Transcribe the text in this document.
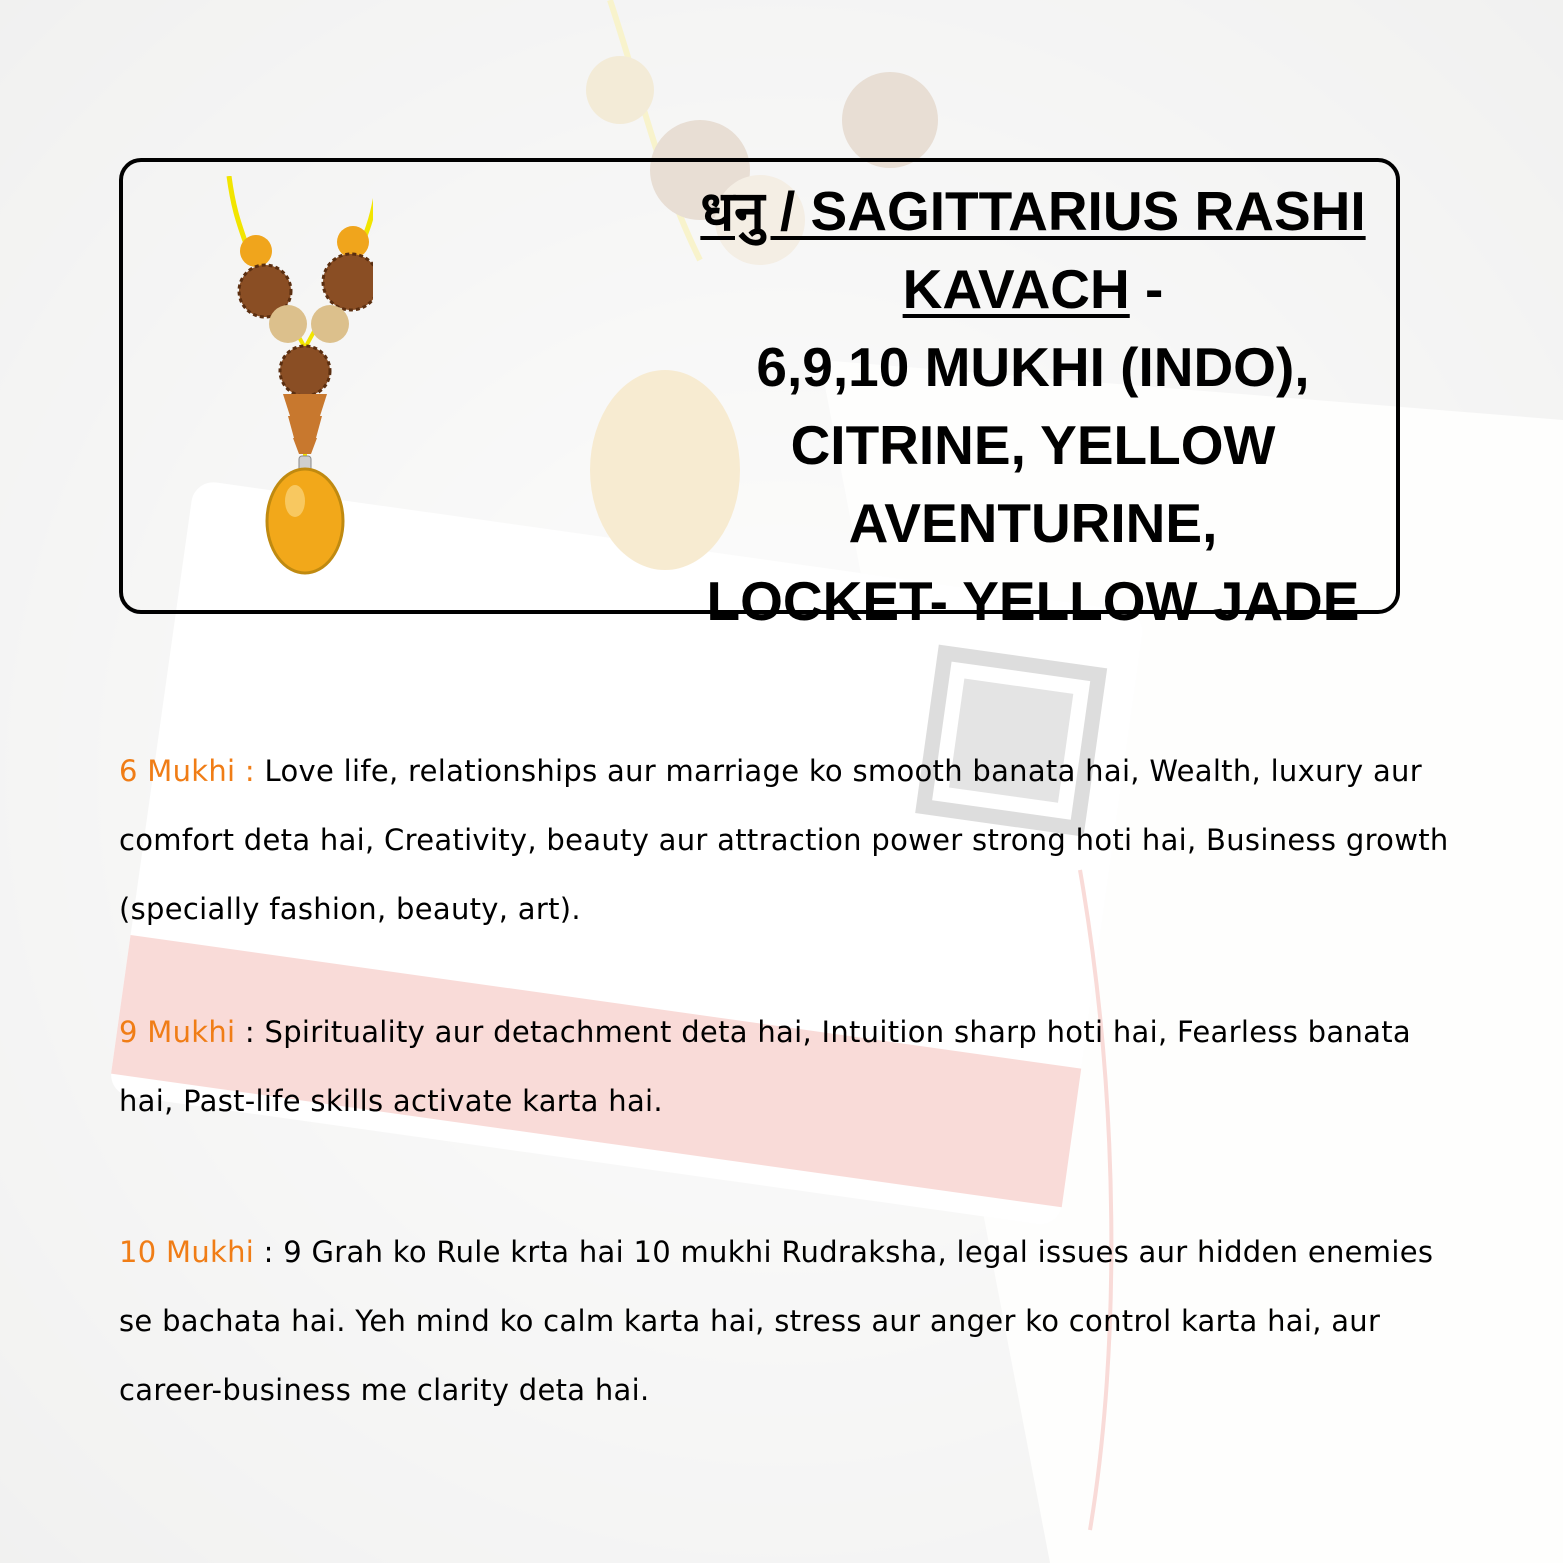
धनु / SAGITTARIUS RASHI
KAVACH -
6,9,10 MUKHI (INDO),
CITRINE, YELLOW
AVENTURINE,
LOCKET- YELLOW JADE
6 Mukhi : Love life, relationships aur marriage ko smooth banata hai, Wealth, luxury aur comfort deta hai, Creativity, beauty aur attraction power strong hoti hai, Business growth (specially fashion, beauty, art).
9 Mukhi : Spirituality aur detachment deta hai, Intuition sharp hoti hai, Fearless banata hai, Past-life skills activate karta hai.
10 Mukhi : 9 Grah ko Rule krta hai 10 mukhi Rudraksha, legal issues aur hidden enemies se bachata hai. Yeh mind ko calm karta hai, stress aur anger ko control karta hai, aur career-business me clarity deta hai.
